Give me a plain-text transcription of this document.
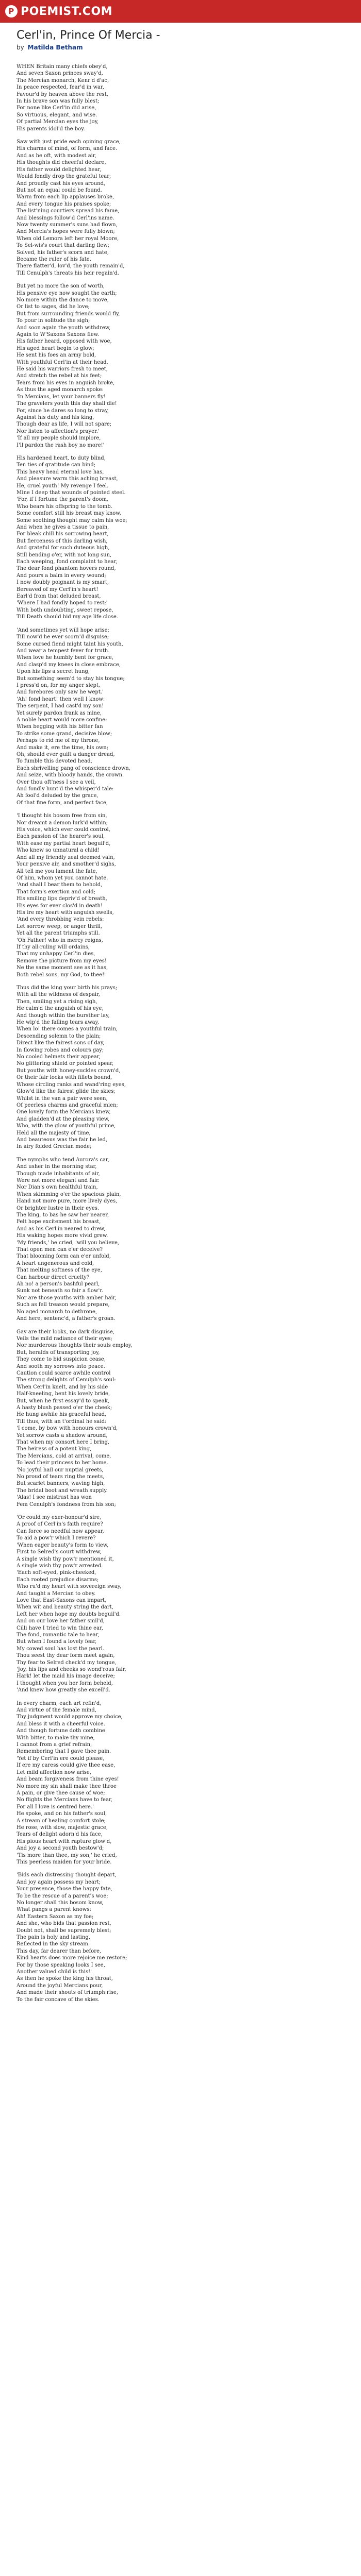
P POEMIST.COM
Cerl'in, Prince Of Mercia -
by Matilda Betham
WHEN Britain many chiefs obey'd,
And seven Saxon princes sway'd,
The Mercian monarch, Kenr'd d'ac,
In peace respected, fear'd in war,
Favour'd by heaven above the rest,
In his brave son was fully blest;
For none like Cerl'in did arise,
So virtuous, elegant, and wise.
Of partial Mercian eyes the joy,
His parents idol'd the boy.
Saw with just pride each opining grace,
His charms of mind, of form, and face.
And as he oft, with modest air,
His thoughts did cheerful declare,
His father would delighted hear,
Would fondly drop the grateful tear;
And proudly cast his eyes around,
But not an equal could be found.
Warm from each lip applauses broke,
And every tongue his praises spoke;
The list'ning courtiers spread his fame,
And blessings follow'd Cerl'ins name.
Now twenty summer's suns had flown,
And Mercia's hopes were fully blown;
When old Lemora left her royal Moore,
To Sel-wis's court that darling flew;
Solved, his father's scorn and hate,
Became the ruler of his fate.
There flatter'd, lov'd, the youth remain'd,
Till Cenulph's threats his heir regain'd.
But yet no more the son of worth,
His pensive eye now sought the earth;
No more within the dance to move,
Or list to sages, did he love;
But from surrounding friends would fly,
To pour in solitude the sigh;
And soon again the youth withdrew,
Again to W'Saxons Saxons flew.
His father heard, opposed with woe,
His aged heart begin to glow;
He sent his foes an army bold,
With youthful Cerl'in at their head,
He said his warriors fresh to meet,
And stretch the rebel at his feet;
Tears from his eyes in anguish broke,
As thus the aged monarch spoke:
'In Mercians, let your banners fly!
The gravelers youth this day shall die!
For, since he dares so long to stray,
Against his duty and his king,
Though dear as life, I will not spare;
Nor listen to affection's prayer.'
'If all my people should implore,
I'll pardon the rash boy no more!'
His hardened heart, to duty blind,
Ten ties of gratitude can bind;
This heavy head eternal love has,
And pleasure warm this aching breast,
He, cruel youth! My revenge I feel.
Mine I deep that wounds of pointed steel.
'For, if I fortune the parent's doom,
Who bears his offspring to the tomb.
Some comfort still his breast may know,
Some soothing thought may calm his woe;
And when he gives a tissue to pain,
For bleak chill his sorrowing heart,
But fierceness of this darling wish,
And grateful for such duteous high,
Still bending o'er, with not long sun,
Each weeping, fond complaint to hear,
The dear fond phantom hovers round,
And pours a balm in every wound;
I now doubly poignant is my smart,
Bereaved of my Cerl'in's heart!
Earl'd from that deluded breast,
'Where I had fondly hoped to rest;'
With both undoubting, sweet repose,
Till Death should bid my age life close.
'And sometimes yet will hope arise;
Till now'd he ever scorn'd disguise;
Some cursed fiend might taint his youth,
And wear a tempest fever for truth.
When love he humbly bent for grace,
And clasp'd my knees in close embrace,
Upon his lips a secret hung,
But something seem'd to stay his tongue;
I press'd on, for my anger slept,
And forebores only saw he wept.'
'Ah! fond heart! then well I know:
The serpent, I had cast'd my son!
Yet surely pardon frank as mine,
A noble heart would more confine:
When begging with his bitter fan
To strike some grand, decisive blow;
Perhaps to rid me of my throne,
And make it, ere the time, his own;
Oh, should ever guilt a danger dread,
To fumble this devoted head,
Each shrivelling pang of conscience drown,
And seize, with bloody hands, the crown.
Over thou oft'ness I see a veil,
And fondly hunt'd the whisper'd tale:
Ah fool'd deluded by the grace,
Of that fine form, and perfect face,
'I thought his bosom free from sin,
Nor dreamt a demon lurk'd within;
His voice, which ever could control,
Each passion of the hearer's soul,
With ease my partial heart beguil'd,
Who knew so unnatural a child!
And all my friendly zeal deemed vain,
Your pensive air, and smother'd sighs,
All tell me you lament the fate,
Of him, whom yet you cannot hate.
'And shall I bear them to behold,
That form's exertion and cold;
His smiling lips depriv'd of breath,
His eyes for ever clos'd in death!
His ire my heart with anguish swells,
'And every throbbing vein rebels:
Let sorrow weep, or anger thrill,
Yet all the parent triumphs still.
'Oh Father! who in mercy reigns,
If thy all-ruling will ordains,
That my unhappy Cerl'in dies,
Remove the picture from my eyes!
Ne the same moment see as it has,
Both rebel sons, my God, to thee!'
Thus did the king your birth his prays;
With all the wildness of despair,
Then, smiling yet a rising sigh,
He calm'd the anguish of his eye,
And though within the bursther lay,
He wip'd the falling tears away,
When lo! there comes a youthful train,
Descending solemn to the plain;
Direct like the fairest sons of day,
In flowing robes and colours gay;
No cooled helmets their appear,
No glittering shield or pointed spear,
But youths with honey-suckles crown'd,
Or their fair locks with fillets bound,
Whose circling ranks and wand'ring eyes,
Glow'd like the fairest glide the skies;
Whilst in the van a pair were seen,
Of peerless charms and graceful mien;
One lovely form the Mercians knew,
And gladden'd at the pleasing view,
Who, with the glow of youthful prime,
Held all the majesty of time,
And beauteous was the fair he led,
In airy folded Grecian mode;
The nymphs who tend Aurora's car,
And usher in the morning star,
Though made inhabitants of air,
Were not more elegant and fair.
Nor Dian's own healthful train,
When skimming o'er the spacious plain,
Hand not more pure, more lively dyes,
Or brighter lustre in their eyes.
The king, to bas he saw her nearer,
Felt hope excitement his breast,
And as his Cerl'in neared to drew,
His waking hopes more vivid grew.
'My friends,' he cried, 'will you believe,
That open men can e'er deceive?
That blooming form can e'er unfold,
A heart ungenerous and cold,
That melting softness of the eye,
Can harbour direct cruelty?
Ah no! a person's bashful pearl,
Sunk not beneath so fair a flow'r.
Nor are those youths with amber hair,
Such as fell treason would prepare,
No aged monarch to dethrone,
And here, sentenc'd, a father's groan.
Gay are their looks, no dark disguise,
Veils the mild radiance of their eyes;
Nor murderous thoughts their souls employ,
But, heralds of transporting joy,
They come to bid suspicion cease,
And sooth my sorrows into peace.
Caution could scarce awhile control
The strong delights of Cenulph's soul:
When Cerl'in knelt, and by his side
Half-kneeling, bent his lovely bride,
But, when he first essay'd to speak,
A hasty blush passed o'er the cheek;
He hung awhile his graceful head,
Till thus, with an t'ordinal he said:
'I come, by bow with honours crown'd,
Yet sorrow casts a shadow around,
That when my consort here I bring,
The heiress of a potent king,
The Mercians, cold at arrival, come,
To lead their princess to her home.
'No joyful hail our nuptial greets,
No proud of tears ring the meets,
But scarlet banners, waving high,
The bridal boot and wreath supply.
'Alas! I see mistrust has won
Fem Cenulph's fondness from his son;
'Or could my exer-honour'd sire,
A proof of Cerl'in's faith require?
Can force so needful now appear,
To aid a pow'r which I revere?
'When eager beauty's form to view,
First to Selred's court withdrew,
A single wish thy pow'r mentioned it,
A single wish thy pow'r arrested.
'Each soft-eyed, pink-cheeked,
Each rooted prejudice disarms;
Who ru'd my heart with sovereign sway,
And taught a Mercian to obey.
Love that East-Saxons can impart,
When wit and beauty string the dart,
Left her when hope my doubts beguil'd.
And on our love her father smil'd,
Cilli have I tried to win thine ear,
The fond, romantic tale to hear,
But when I found a lovely fear,
My cowed soul has lost the pearl.
Thou seest thy dear form meet again,
Thy fear to Selred check'd my tongue,
'Joy, his lips and cheeks so wond'rous fair,
Hark! let the maid his image deceive;
I thought when you her form beheld,
'And knew how greatly she excell'd.
In every charm, each art refin'd,
And virtue of the female mind,
Thy judgment would approve my choice,
And bless it with a cheerful voice.
And though fortune doth combine
With bitter, to make thy mine,
I cannot from a grief refrain,
Remembering that I gave thee pain.
'Yet if by Cerl'in ere could please,
If ere my caress could give thee ease,
Let mild affection now arise,
And beam forgiveness from thine eyes!
No more my sin shall make thee throe
A pain, or give thee cause of woe;
No flights the Mercians have to fear,
For all I love is centred here.'
He spoke, and on his father's soul,
A stream of healing comfort stole;
He rose, with slow, majestic grace,
Tears of delight adorn'd his face,
His pious heart with rapture glow'd,
And joy a second youth bestow'd;
'Tis more than thee, my son,' he cried,
This peerless maiden for your bride.
'Bids each distressing thought depart,
And joy again possess my heart;
Your presence, those the happy fate,
To be the rescue of a parent's woe;
No longer shall this bosom know,
What pangs a parent knows:
Ah! Eastern Saxon as my foe;
And she, who bids that passion rest,
Doubt not, shall be supremely blest;
The pain is holy and lasting,
Reflected in the sky stream.
This day, far dearer than before,
Kind hearts does more rejoice me restore;
For by those speaking looks I see,
Another valued child is this!'
As then he spoke the king his throat,
Around the joyful Mercians pour,
And made their shouts of triumph rise,
To the fair concave of the skies.
